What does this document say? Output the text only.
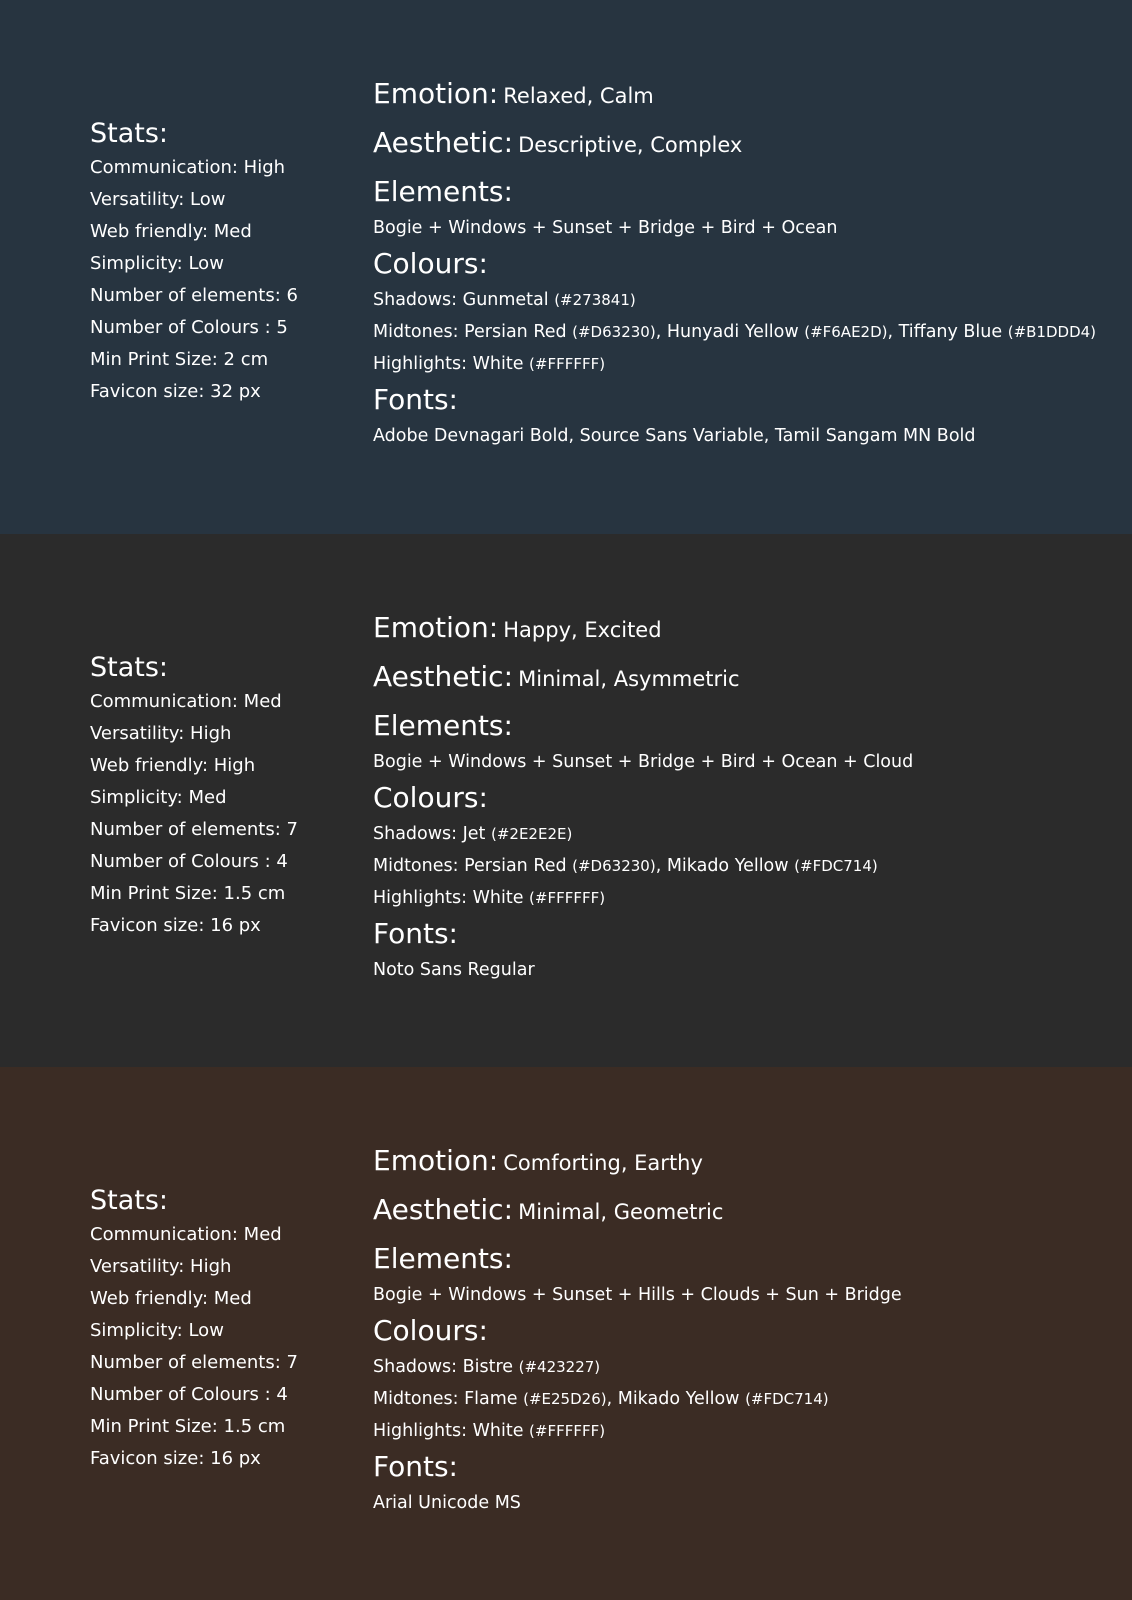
Stats:
Communication: High
Versatility: Low
Web friendly: Med
Simplicity: Low
Number of elements: 6
Number of Colours : 5
Min Print Size: 2 cm
Favicon size: 32 px
Emotion: Relaxed, Calm
Aesthetic: Descriptive, Complex
Elements:
Bogie + Windows + Sunset + Bridge + Bird + Ocean
Colours:
Shadows: Gunmetal (#273841)
Midtones: Persian Red (#D63230), Hunyadi Yellow (#F6AE2D), Tiffany Blue (#B1DDD4)
Highlights: White (#FFFFFF)
Fonts:
Adobe Devnagari Bold, Source Sans Variable, Tamil Sangam MN Bold
Stats:
Communication: Med
Versatility: High
Web friendly: High
Simplicity: Med
Number of elements: 7
Number of Colours : 4
Min Print Size: 1.5 cm
Favicon size: 16 px
Emotion: Happy, Excited
Aesthetic: Minimal, Asymmetric
Elements:
Bogie + Windows + Sunset + Bridge + Bird + Ocean + Cloud
Colours:
Shadows: Jet (#2E2E2E)
Midtones: Persian Red (#D63230), Mikado Yellow (#FDC714)
Highlights: White (#FFFFFF)
Fonts:
Noto Sans Regular
Stats:
Communication: Med
Versatility: High
Web friendly: Med
Simplicity: Low
Number of elements: 7
Number of Colours : 4
Min Print Size: 1.5 cm
Favicon size: 16 px
Emotion: Comforting, Earthy
Aesthetic: Minimal, Geometric
Elements:
Bogie + Windows + Sunset + Hills + Clouds + Sun + Bridge
Colours:
Shadows: Bistre (#423227)
Midtones: Flame (#E25D26), Mikado Yellow (#FDC714)
Highlights: White (#FFFFFF)
Fonts:
Arial Unicode MS
